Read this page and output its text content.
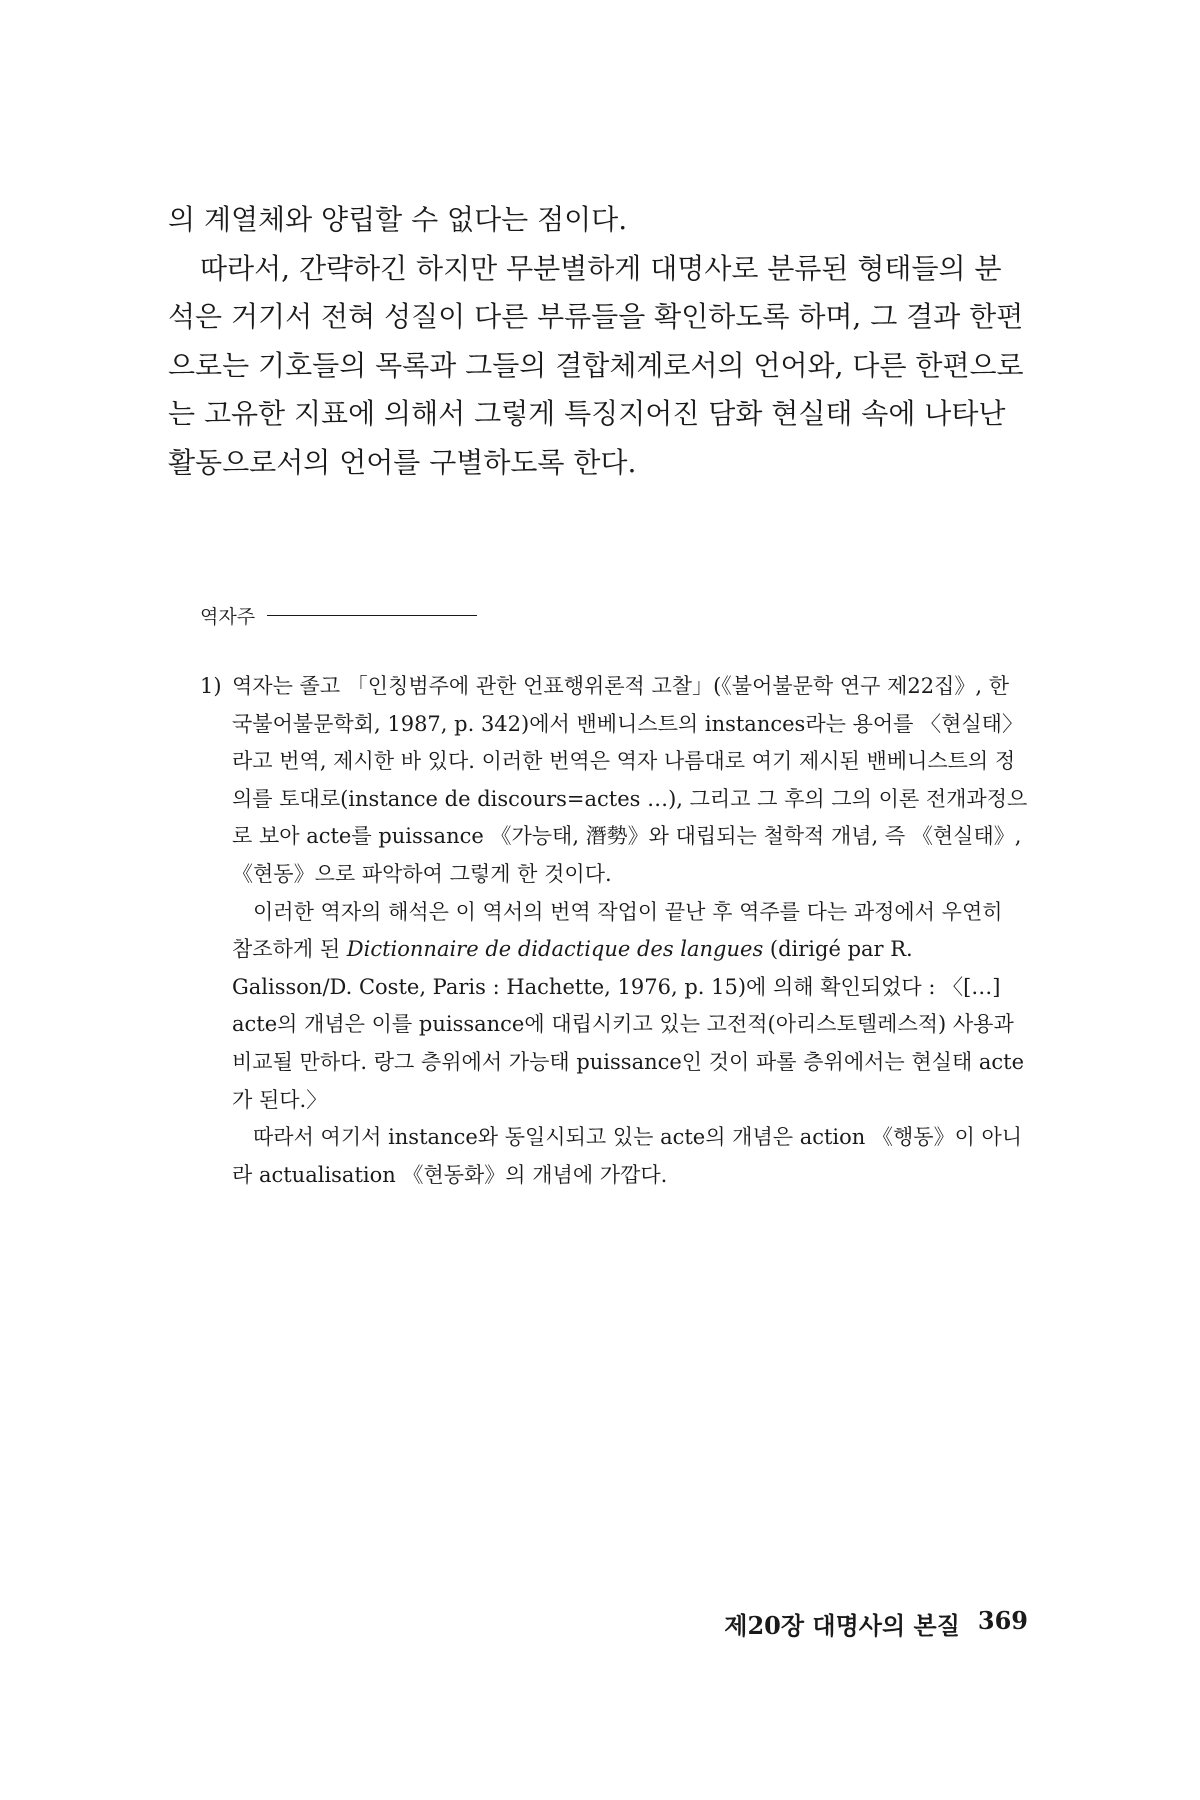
의 계열체와 양립할 수 없다는 점이다.

따라서, 간략하긴 하지만 무분별하게 대명사로 분류된 형태들의 분석은 거기서 전혀 성질이 다른 부류들을 확인하도록 하며, 그 결과 한편으로는 기호들의 목록과 그들의 결합체계로서의 언어와, 다른 한편으로는 고유한 지표에 의해서 그렇게 특징지어진 담화 현실태 속에 나타난 활동으로서의 언어를 구별하도록 한다.

역자주
1) 역자는 졸고 「인칭범주에 관한 언표행위론적 고찰」(《불어불문학 연구 제22집》, 한국불어불문학회, 1987, p. 342)에서 밴베니스트의 instances라는 용어를 〈현실태〉라고 번역, 제시한 바 있다. 이러한 번역은 역자 나름대로 여기 제시된 밴베니스트의 정의를 토대로(instance de discours=actes …), 그리고 그 후의 그의 이론 전개과정으로 보아 acte를 puissance 《가능태, 潛勢》와 대립되는 철학적 개념, 즉 《현실태》, 《현동》으로 파악하여 그렇게 한 것이다.

이러한 역자의 해석은 이 역서의 번역 작업이 끝난 후 역주를 다는 과정에서 우연히 참조하게 된 Dictionnaire de didactique des langues (dirigé par R. Galisson/D. Coste, Paris : Hachette, 1976, p. 15)에 의해 확인되었다 : 〈[…] acte의 개념은 이를 puissance에 대립시키고 있는 고전적(아리스토텔레스적) 사용과 비교될 만하다. 랑그 층위에서 가능태 puissance인 것이 파롤 층위에서는 현실태 acte가 된다.〉

따라서 여기서 instance와 동일시되고 있는 acte의 개념은 action 《행동》이 아니라 actualisation 《현동화》의 개념에 가깝다.

제20장 대명사의 본질 369
